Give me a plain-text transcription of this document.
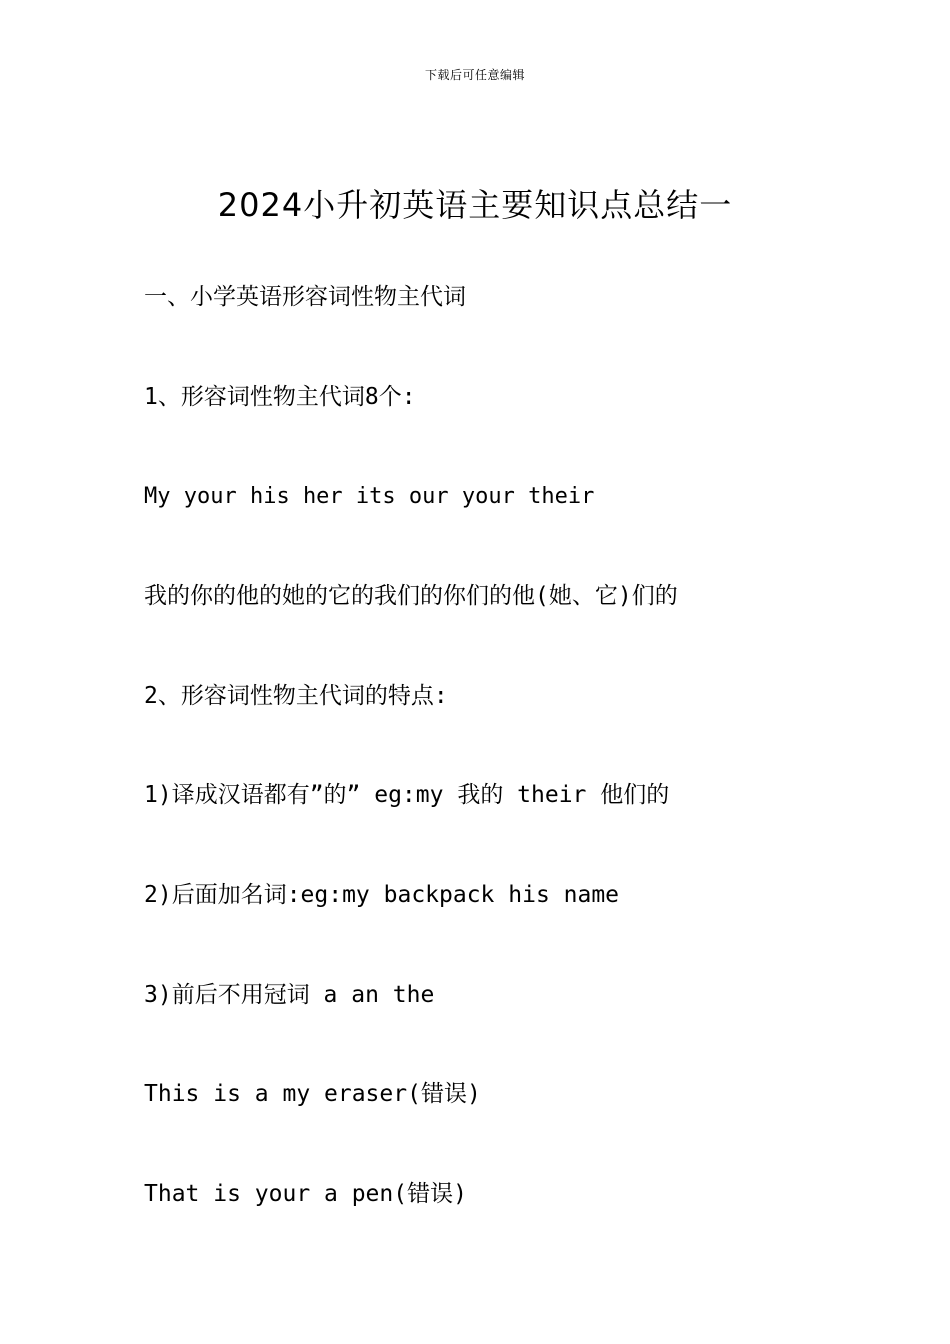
下载后可任意编辑
2024小升初英语主要知识点总结一

一、小学英语形容词性物主代词

1、形容词性物主代词8个:

My your his her its our your their

我的你的他的她的它的我们的你们的他(她、它)们的

2、形容词性物主代词的特点:

1)译成汉语都有”的” eg:my 我的 their 他们的

2)后面加名词:eg:my backpack his name

3)前后不用冠词 a an the

This is a my eraser(错误)

That is your a pen(错误)
